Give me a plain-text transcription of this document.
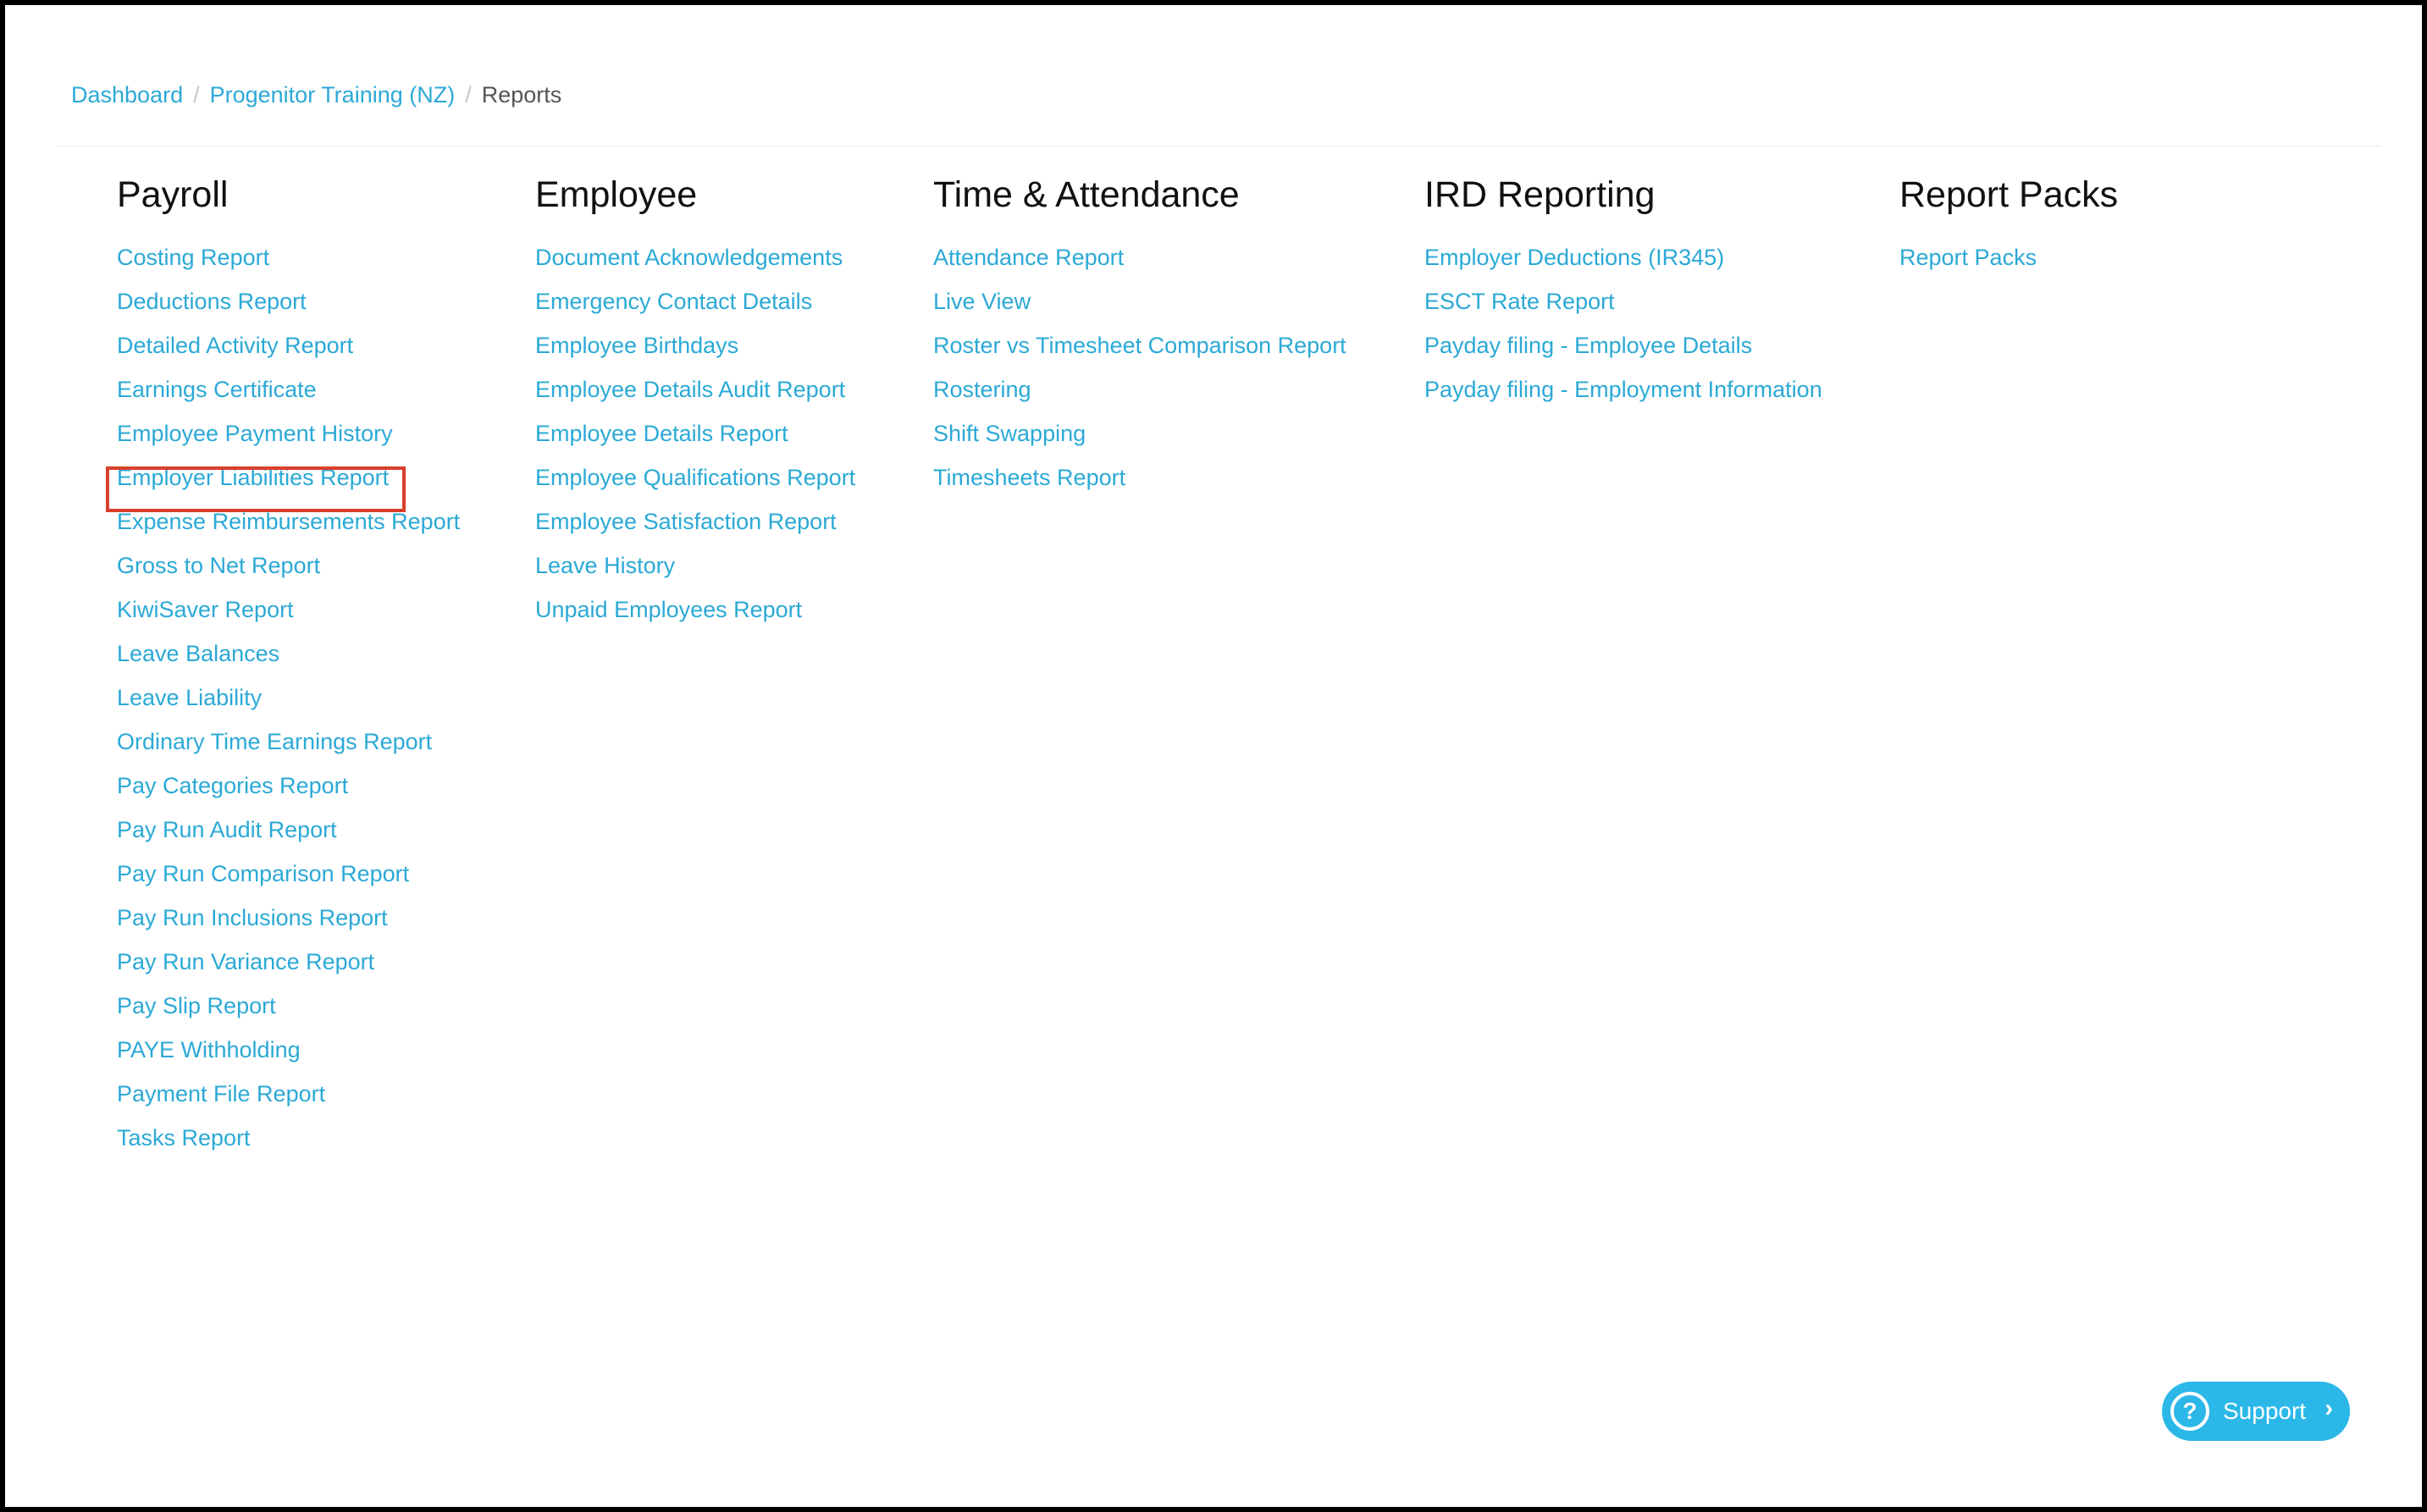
Dashboard / Progenitor Training (NZ) / Reports
Payroll
Costing Report
Deductions Report
Detailed Activity Report
Earnings Certificate
Employee Payment History
Employer Liabilities Report
Expense Reimbursements Report
Gross to Net Report
KiwiSaver Report
Leave Balances
Leave Liability
Ordinary Time Earnings Report
Pay Categories Report
Pay Run Audit Report
Pay Run Comparison Report
Pay Run Inclusions Report
Pay Run Variance Report
Pay Slip Report
PAYE Withholding
Payment File Report
Tasks Report
Employee
Document Acknowledgements
Emergency Contact Details
Employee Birthdays
Employee Details Audit Report
Employee Details Report
Employee Qualifications Report
Employee Satisfaction Report
Leave History
Unpaid Employees Report
Time & Attendance
Attendance Report
Live View
Roster vs Timesheet Comparison Report
Rostering
Shift Swapping
Timesheets Report
IRD Reporting
Employer Deductions (IR345)
ESCT Rate Report
Payday filing - Employee Details
Payday filing - Employment Information
Report Packs
Report Packs
?	Support ›
